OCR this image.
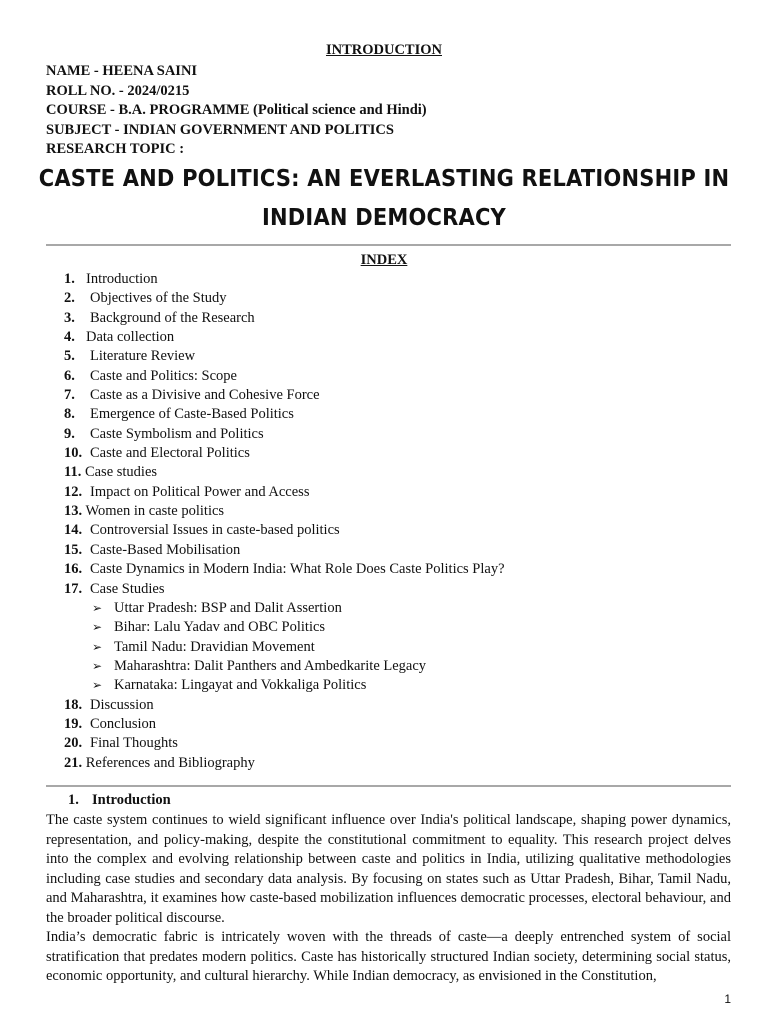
INTRODUCTION
NAME - HEENA SAINI
ROLL NO. - 2024/0215
COURSE - B.A. PROGRAMME (Political science and Hindi)
SUBJECT - INDIAN GOVERNMENT AND POLITICS
RESEARCH TOPIC :
CASTE AND POLITICS: AN EVERLASTING RELATIONSHIP IN
INDIAN DEMOCRACY
INDEX
1. Introduction
2. Objectives of the Study
3. Background of the Research
4. Data collection
5. Literature Review
6. Caste and Politics: Scope
7. Caste as a Divisive and Cohesive Force
8. Emergence of Caste-Based Politics
9. Caste Symbolism and Politics
10. Caste and Electoral Politics
11. Case studies
12. Impact on Political Power and Access
13. Women in caste politics
14. Controversial Issues in caste-based politics
15. Caste-Based Mobilisation
16. Caste Dynamics in Modern India: What Role Does Caste Politics Play?
17. Case Studies
➢ Uttar Pradesh: BSP and Dalit Assertion
➢ Bihar: Lalu Yadav and OBC Politics
➢ Tamil Nadu: Dravidian Movement
➢ Maharashtra: Dalit Panthers and Ambedkarite Legacy
➢ Karnataka: Lingayat and Vokkaliga Politics
18. Discussion
19. Conclusion
20. Final Thoughts
21. References and Bibliography
1. Introduction

The caste system continues to wield significant influence over India's political landscape, shaping power dynamics, representation, and policy-making, despite the constitutional commitment to equality. This research project delves into the complex and evolving relationship between caste and politics in India, utilizing qualitative methodologies including case studies and secondary data analysis. By focusing on states such as Uttar Pradesh, Bihar, Tamil Nadu, and Maharashtra, it examines how caste-based mobilization influences democratic processes, electoral behaviour, and the broader political discourse.

India’s democratic fabric is intricately woven with the threads of caste—a deeply entrenched system of social stratification that predates modern politics. Caste has historically structured Indian society, determining social status, economic opportunity, and cultural hierarchy. While Indian democracy, as envisioned in the Constitution,

1
